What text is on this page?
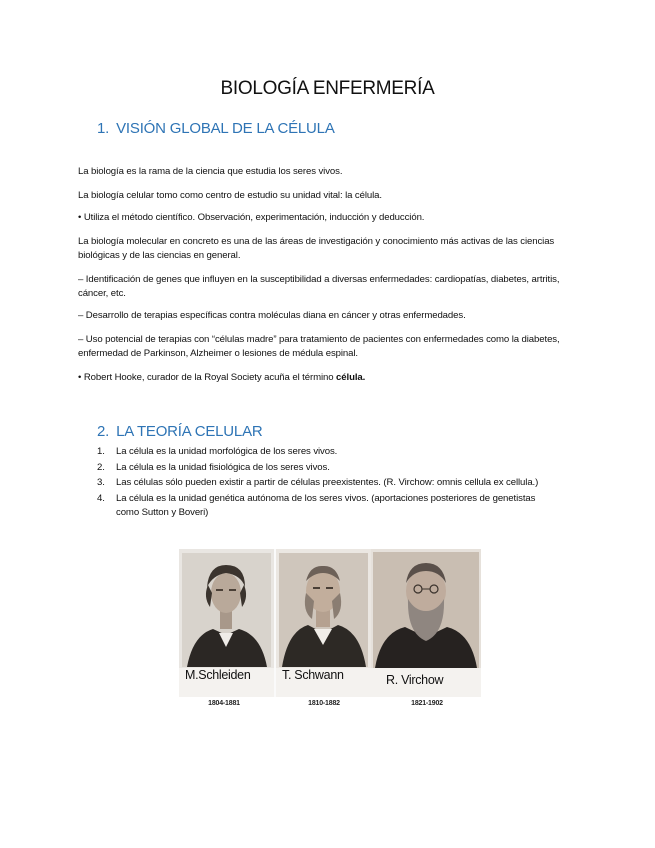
BIOLOGÍA ENFERMERÍA
1. VISIÓN GLOBAL DE LA CÉLULA
La biología es la rama de la ciencia que estudia los seres vivos.
La biología celular tomo como centro de estudio su unidad vital: la célula.
• Utiliza el método científico. Observación, experimentación, inducción y deducción.
La biología molecular en concreto es una de las áreas de investigación y conocimiento más activas de las ciencias biológicas y de las ciencias en general.
– Identificación de genes que influyen en la susceptibilidad a diversas enfermedades: cardiopatías, diabetes, artritis, cáncer, etc.
– Desarrollo de terapias específicas contra moléculas diana en cáncer y otras enfermedades.
– Uso potencial de terapias con “células madre” para tratamiento de pacientes con enfermedades como la diabetes, enfermedad de Parkinson, Alzheimer o lesiones de médula espinal.
• Robert Hooke, curador de la Royal Society acuña el término célula.
2. LA TEORÍA CELULAR
1. La célula es la unidad morfológica de los seres vivos.
2. La célula es la unidad fisiológica de los seres vivos.
3. Las células sólo pueden existir a partir de células preexistentes. (R. Virchow: omnis cellula ex cellula.)
4. La célula es la unidad genética autónoma de los seres vivos. (aportaciones posteriores de genetistas como Sutton y Boveri)
M.Schleiden	T. Schwann	R. Virchow
1804-1881	1810-1882	1821-1902
